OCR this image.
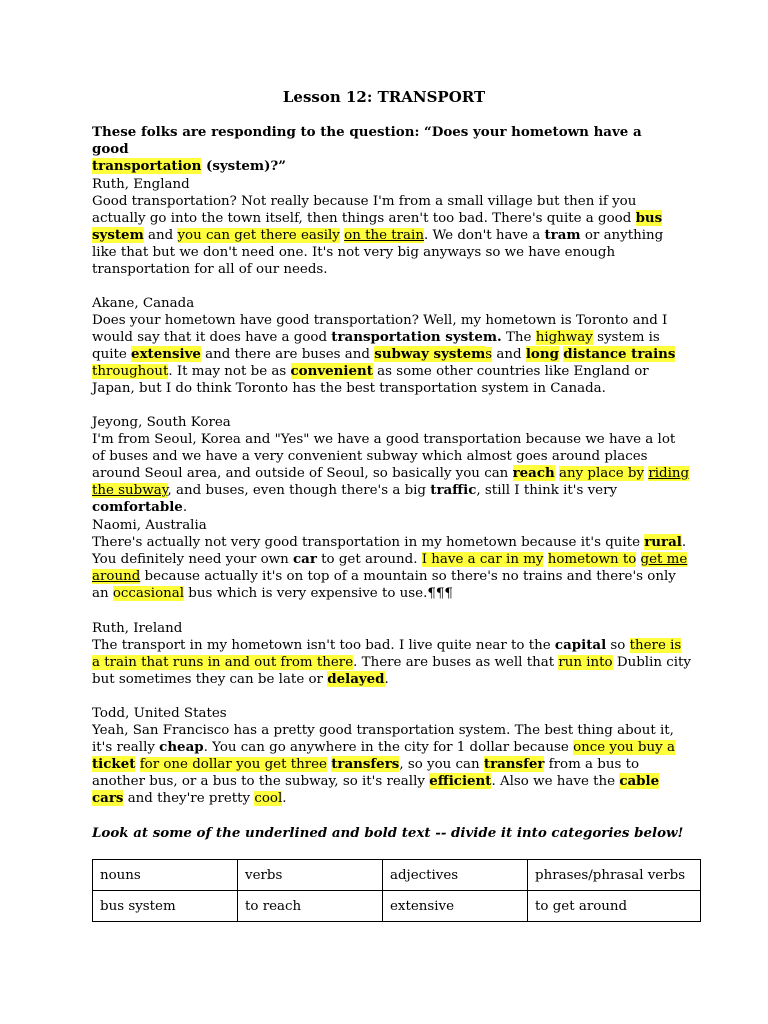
Lesson 12: TRANSPORT
These folks are responding to the question: “Does your hometown have a good
transportation (system)?”
Ruth, England
Good transportation? Not really because I'm from a small village but then if you actually go into the town itself, then things aren't too bad. There's quite a good bus system and you can get there easily on the train. We don't have a tram or anything like that but we don't need one. It's not very big anyways so we have enough transportation for all of our needs.
Akane, Canada
Does your hometown have good transportation? Well, my hometown is Toronto and I would say that it does have a good transportation system. The highway system is quite extensive and there are buses and subway systems and long distance trains throughout. It may not be as convenient as some other countries like England or Japan, but I do think Toronto has the best transportation system in Canada.
Jeyong, South Korea
I'm from Seoul, Korea and "Yes" we have a good transportation because we have a lot of buses and we have a very convenient subway which almost goes around places around Seoul area, and outside of Seoul, so basically you can reach any place by riding the subway, and buses, even though there's a big traffic, still I think it's very comfortable.
Naomi, Australia
There's actually not very good transportation in my hometown because it's quite rural. You definitely need your own car to get around. I have a car in my hometown to get me around because actually it's on top of a mountain so there's no trains and there's only an occasional bus which is very expensive to use.¶¶¶
Ruth, Ireland
The transport in my hometown isn't too bad. I live quite near to the capital so there is a train that runs in and out from there. There are buses as well that run into Dublin city but sometimes they can be late or delayed.
Todd, United States
Yeah, San Francisco has a pretty good transportation system. The best thing about it, it's really cheap. You can go anywhere in the city for 1 dollar because once you buy a ticket for one dollar you get three transfers, so you can transfer from a bus to another bus, or a bus to the subway, so it's really efficient. Also we have the cable cars and they're pretty cool.
Look at some of the underlined and bold text -- divide it into categories below!
nouns	verbs	adjectives	phrases/phrasal verbs
bus system	to reach	extensive	to get around
